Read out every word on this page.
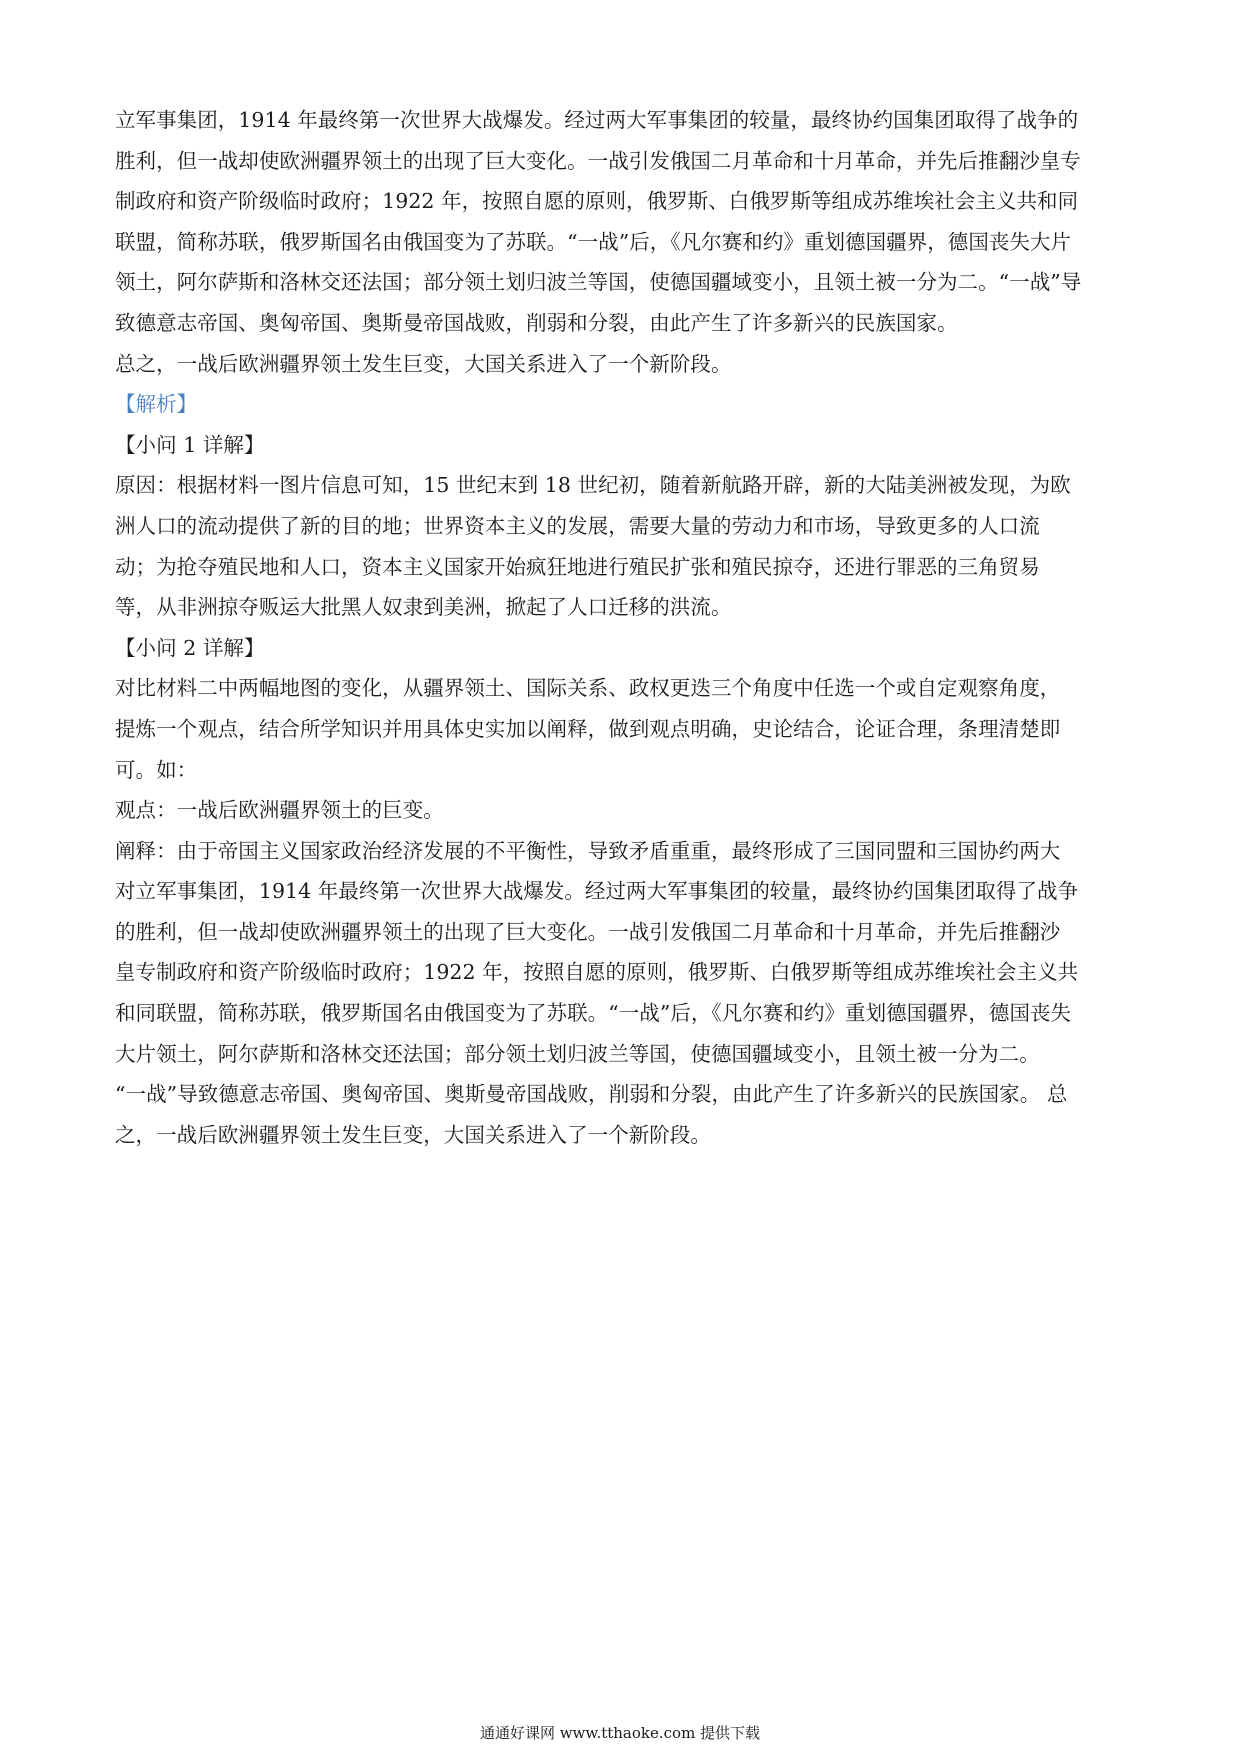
立军事集团，1914 年最终第一次世界大战爆发。经过两大军事集团的较量，最终协约国集团取得了战争的
胜利，但一战却使欧洲疆界领土的出现了巨大变化。一战引发俄国二月革命和十月革命，并先后推翻沙皇专
制政府和资产阶级临时政府；1922 年，按照自愿的原则，俄罗斯、白俄罗斯等组成苏维埃社会主义共和同
联盟，简称苏联，俄罗斯国名由俄国变为了苏联。“一战”后，《凡尔赛和约》重划德国疆界，德国丧失大片
领土，阿尔萨斯和洛林交还法国；部分领土划归波兰等国，使德国疆域变小，且领土被一分为二。“一战”导
致德意志帝国、奥匈帝国、奥斯曼帝国战败，削弱和分裂，由此产生了许多新兴的民族国家。
总之，一战后欧洲疆界领土发生巨变，大国关系进入了一个新阶段。
【解析】
【小问 1 详解】
原因：根据材料一图片信息可知，15 世纪末到 18 世纪初，随着新航路开辟，新的大陆美洲被发现，为欧
洲人口的流动提供了新的目的地；世界资本主义的发展，需要大量的劳动力和市场，导致更多的人口流
动；为抢夺殖民地和人口，资本主义国家开始疯狂地进行殖民扩张和殖民掠夺，还进行罪恶的三角贸易
等，从非洲掠夺贩运大批黑人奴隶到美洲，掀起了人口迁移的洪流。
【小问 2 详解】
对比材料二中两幅地图的变化，从疆界领土、国际关系、政权更迭三个角度中任选一个或自定观察角度，
提炼一个观点，结合所学知识并用具体史实加以阐释，做到观点明确，史论结合，论证合理，条理清楚即
可。如：
观点：一战后欧洲疆界领土的巨变。
阐释：由于帝国主义国家政治经济发展的不平衡性，导致矛盾重重，最终形成了三国同盟和三国协约两大
对立军事集团，1914 年最终第一次世界大战爆发。经过两大军事集团的较量，最终协约国集团取得了战争
的胜利，但一战却使欧洲疆界领土的出现了巨大变化。一战引发俄国二月革命和十月革命，并先后推翻沙
皇专制政府和资产阶级临时政府；1922 年，按照自愿的原则，俄罗斯、白俄罗斯等组成苏维埃社会主义共
和同联盟，简称苏联，俄罗斯国名由俄国变为了苏联。“一战”后，《凡尔赛和约》重划德国疆界，德国丧失
大片领土，阿尔萨斯和洛林交还法国；部分领土划归波兰等国，使德国疆域变小，且领土被一分为二。
“一战”导致德意志帝国、奥匈帝国、奥斯曼帝国战败，削弱和分裂，由此产生了许多新兴的民族国家。 总
之，一战后欧洲疆界领土发生巨变，大国关系进入了一个新阶段。
通通好课网 www.tthaoke.com 提供下载
